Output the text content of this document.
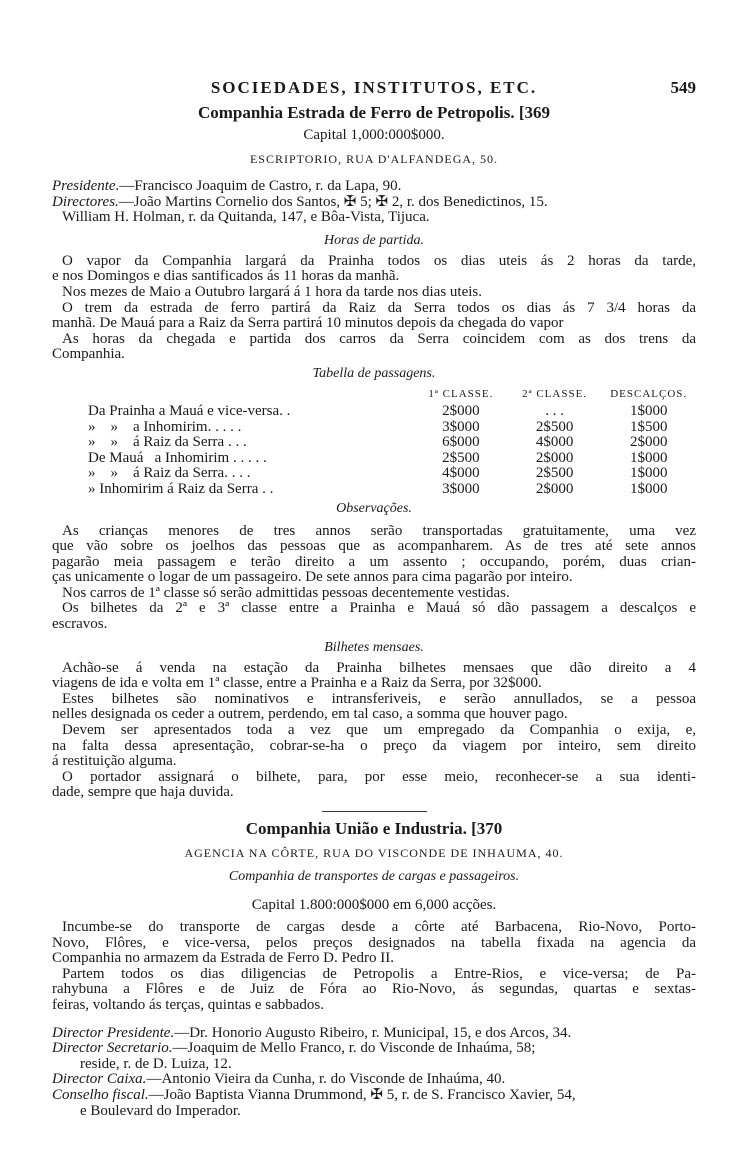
SOCIEDADES, INSTITUTOS, ETC.	549
Companhia Estrada de Ferro de Petropolis. [369
Capital 1,000:000$000.
ESCRIPTORIO, RUA D'ALFANDEGA, 50.
Presidente.—Francisco Joaquim de Castro, r. da Lapa, 90.
Directores.—João Martins Cornelio dos Santos, ✠ 5; ✠ 2, r. dos Benedictinos, 15.
William H. Holman, r. da Quitanda, 147, e Bôa-Vista, Tijuca.
Horas de partida.
O vapor da Companhia largará da Prainha todos os dias uteis ás 2 horas da tarde,
e nos Domingos e dias santificados ás 11 horas da manhã.
Nos mezes de Maio a Outubro largará á 1 hora da tarde nos dias uteis.
O trem da estrada de ferro partirá da Raiz da Serra todos os dias ás 7 3/4 horas da
manhã. De Mauá para a Raiz da Serra partirá 10 minutos depois da chegada do vapor
As horas da chegada e partida dos carros da Serra coincidem com as dos trens da
Companhia.
Tabella de passagens.
	1ª CLASSE.	2ª CLASSE.	DESCALÇOS.
Da Prainha a Mauá e vice-versa. .	2$000	. . .	1$000
»    »    a Inhomirim. . . . .	3$000	2$500	1$500
»    »    á Raiz da Serra . . .	6$000	4$000	2$000
De Mauá   a Inhomirim . . . . .	2$500	2$000	1$000
»    »    á Raiz da Serra. . . .	4$000	2$500	1$000
» Inhomirim á Raiz da Serra . .	3$000	2$000	1$000
Observações.
As crianças menores de tres annos serão transportadas gratuitamente, uma vez
que vão sobre os joelhos das pessoas que as acompanharem. As de tres até sete annos
pagarão meia passagem e terão direito a um assento ; occupando, porém, duas crian-
ças unicamente o logar de um passageiro. De sete annos para cima pagarão por inteiro.
Nos carros de 1ª classe só serão admittidas pessoas decentemente vestidas.
Os bilhetes da 2ª e 3ª classe entre a Prainha e Mauá só dão passagem a descalços e
escravos.
Bilhetes mensaes.
Achão-se á venda na estação da Prainha bilhetes mensaes que dão direito a 4
viagens de ida e volta em 1ª classe, entre a Prainha e a Raiz da Serra, por 32$000.
Estes bilhetes são nominativos e intransferiveis, e serão annullados, se a pessoa
nelles designada os ceder a outrem, perdendo, em tal caso, a somma que houver pago.
Devem ser apresentados toda a vez que um empregado da Companhia o exija, e,
na falta dessa apresentação, cobrar-se-ha o preço da viagem por inteiro, sem direito
á restituição alguma.
O portador assignará o bilhete, para, por esse meio, reconhecer-se a sua identi-
dade, sempre que haja duvida.
Companhia União e Industria. [370
AGENCIA NA CÔRTE, RUA DO VISCONDE DE INHAUMA, 40.
Companhia de transportes de cargas e passageiros.
Capital 1.800:000$000 em 6,000 acções.
Incumbe-se do transporte de cargas desde a côrte até Barbacena, Rio-Novo, Porto-
Novo, Flôres, e vice-versa, pelos preços designados na tabella fixada na agencia da
Companhia no armazem da Estrada de Ferro D. Pedro II.
Partem todos os dias diligencias de Petropolis a Entre-Rios, e vice-versa; de Pa-
rahybuna a Flôres e de Juiz de Fóra ao Rio-Novo, ás segundas, quartas e sextas-
feiras, voltando ás terças, quintas e sabbados.
Director Presidente.—Dr. Honorio Augusto Ribeiro, r. Municipal, 15, e dos Arcos, 34.
Director Secretario.—Joaquim de Mello Franco, r. do Visconde de Inhaúma, 58;
reside, r. de D. Luiza, 12.
Director Caixa.—Antonio Vieira da Cunha, r. do Visconde de Inhaúma, 40.
Conselho fiscal.—João Baptista Vianna Drummond, ✠ 5, r. de S. Francisco Xavier, 54,
e Boulevard do Imperador.
